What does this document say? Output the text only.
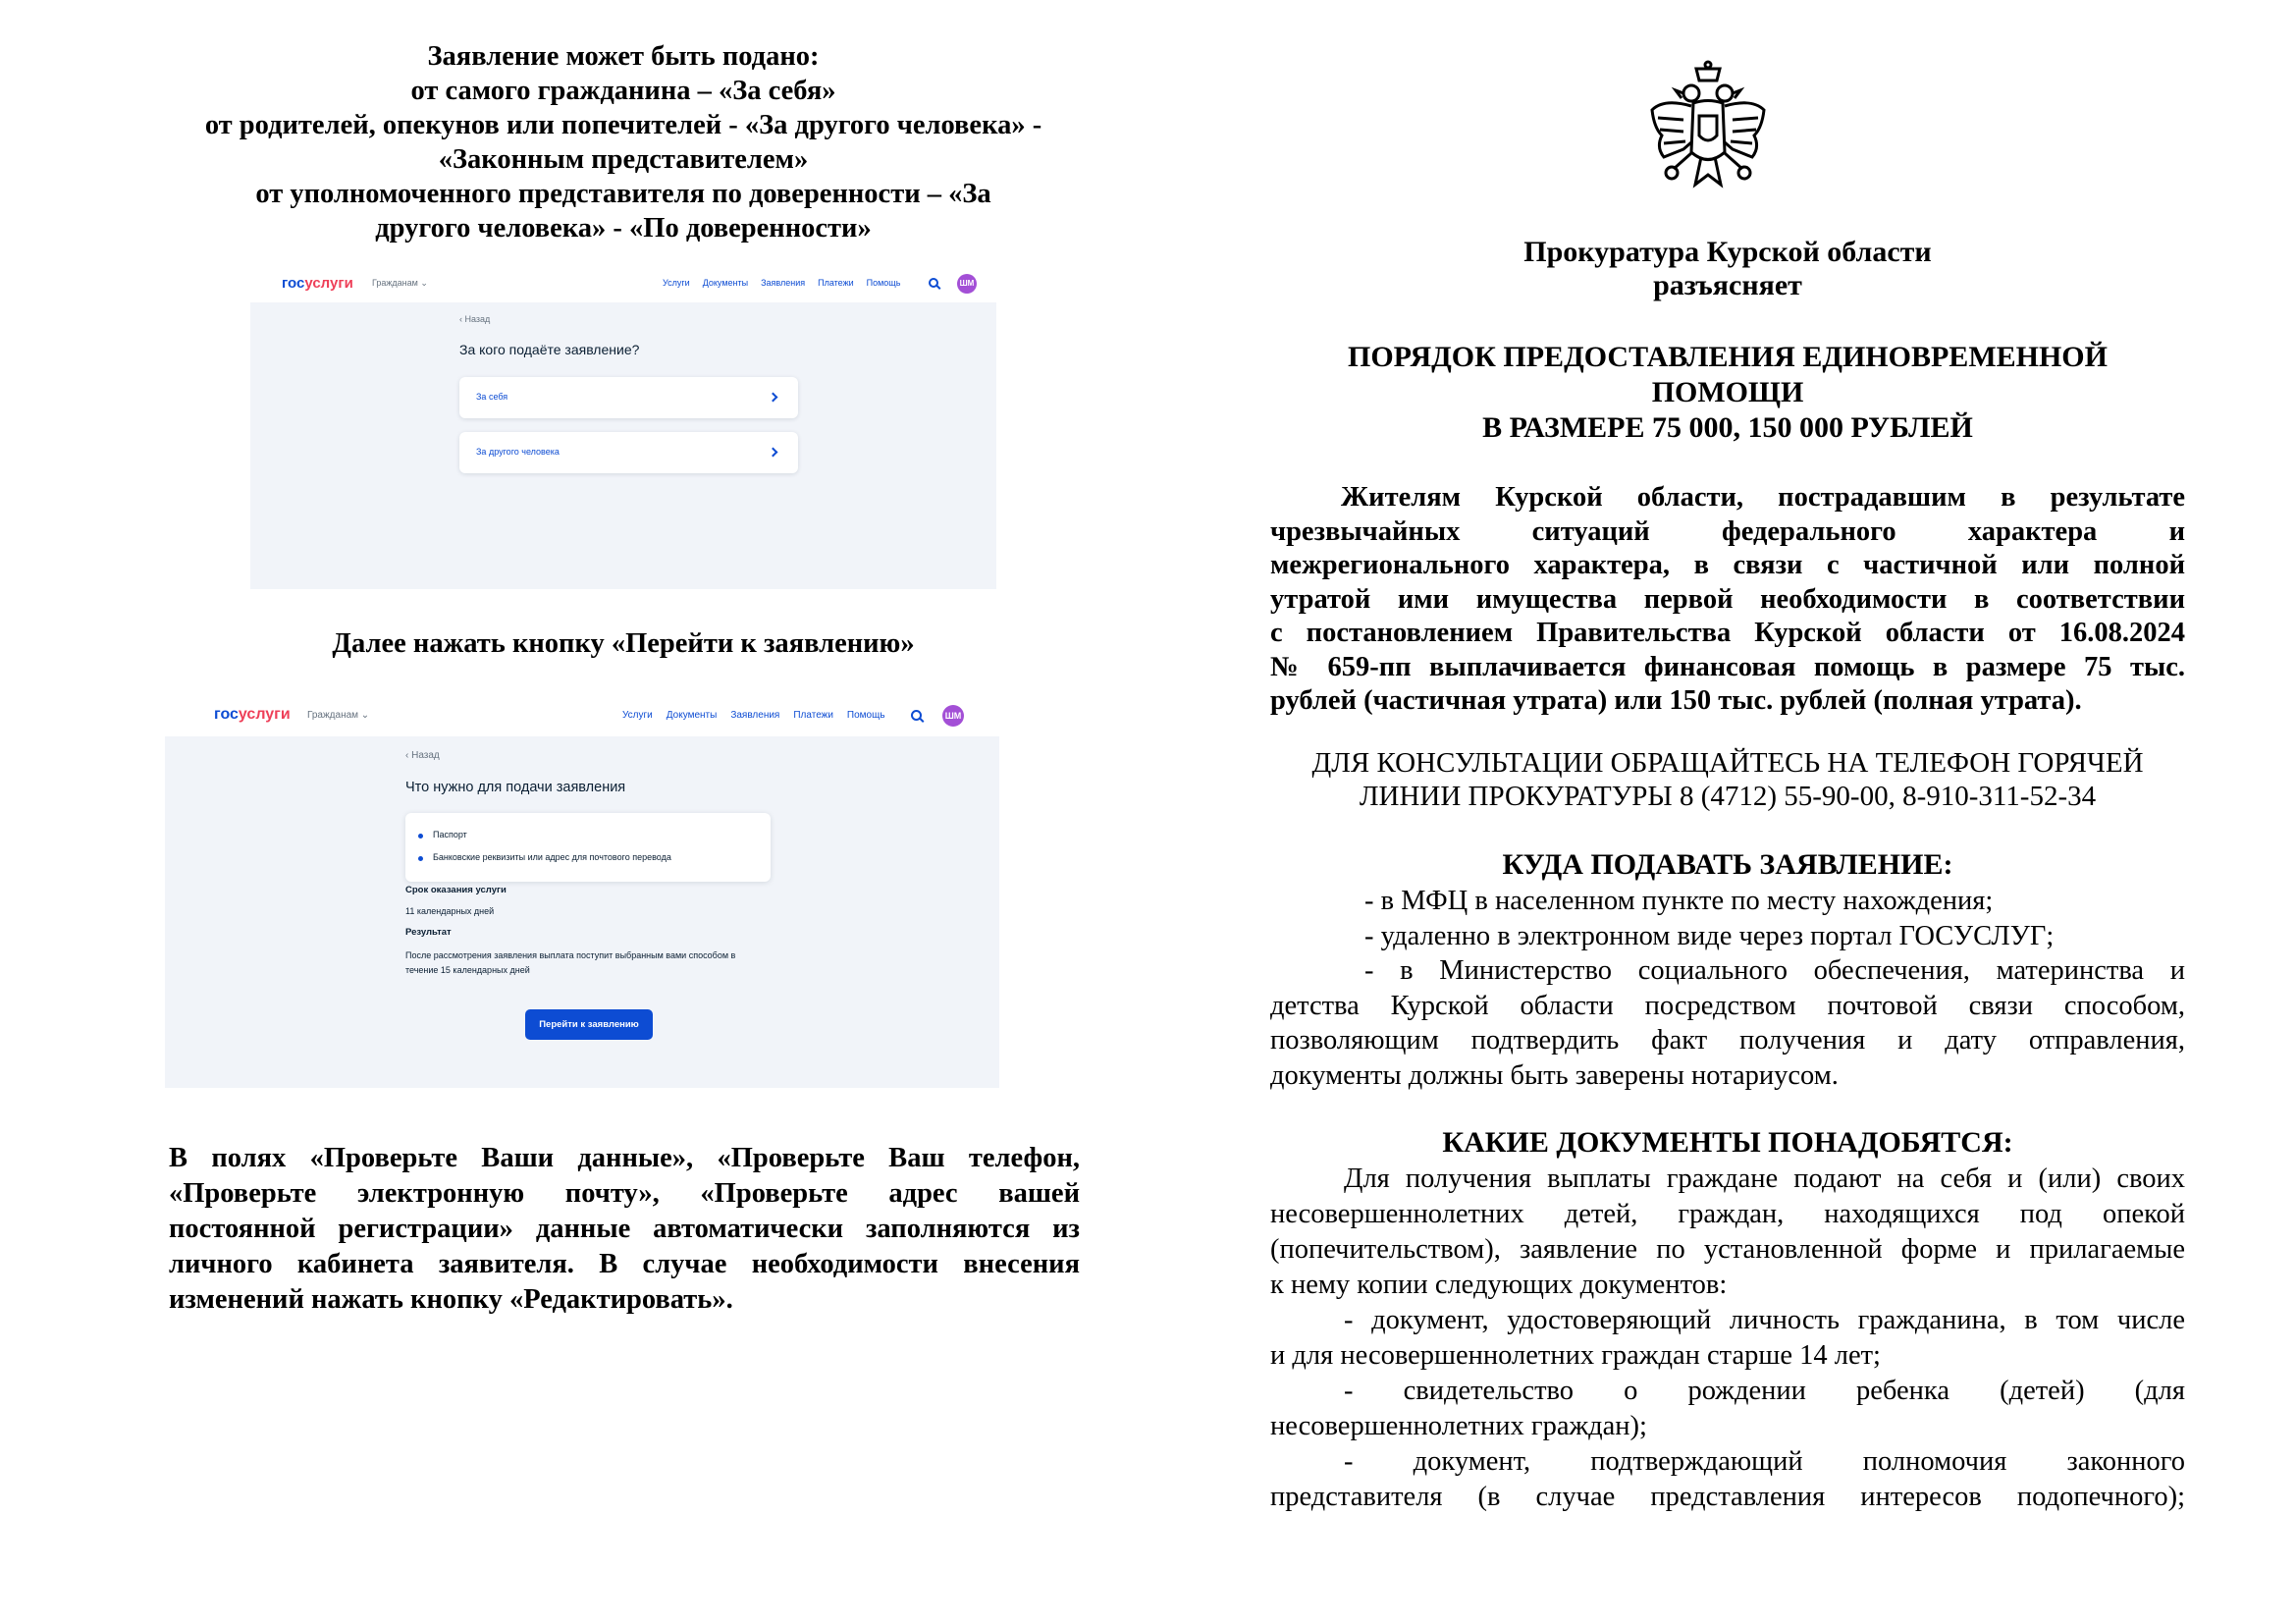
Заявление может быть подано:
от самого гражданина – «За себя»
от родителей, опекунов или попечителей - «За другого человека» -
«Законным представителем»
от уполномоченного представителя по доверенности – «За
другого человека» - «По доверенности»
госуслуги Гражданам ⌄	Услуги Документы Заявления Платежи Помощь	ШМ
‹ Назад
За кого подаёте заявление?
За себя
За другого человека
Далее нажать кнопку «Перейти к заявлению»
госуслуги Гражданам ⌄	Услуги Документы Заявления Платежи Помощь	ШМ
‹ Назад
Что нужно для подачи заявления
Паспорт
Банковские реквизиты или адрес для почтового перевода
Срок оказания услуги
11 календарных дней
Результат
После рассмотрения заявления выплата поступит выбранным вами способом в
течение 15 календарных дней
Перейти к заявлению
В полях «Проверьте Ваши данные», «Проверьте Ваш телефон,
«Проверьте электронную почту», «Проверьте адрес вашей
постоянной регистрации» данные автоматически заполняются из
личного кабинета заявителя. В случае необходимости внесения
изменений нажать кнопку «Редактировать».
Прокуратура Курской области
разъясняет
ПОРЯДОК ПРЕДОСТАВЛЕНИЯ ЕДИНОВРЕМЕННОЙ
ПОМОЩИ
В РАЗМЕРЕ 75 000, 150 000 РУБЛЕЙ
Жителям Курской области, пострадавшим в результате
чрезвычайных ситуаций федерального характера и
межрегионального характера, в связи с частичной или полной
утратой ими имущества первой необходимости в соответствии
с постановлением Правительства Курской области от 16.08.2024
№ 659-пп выплачивается финансовая помощь в размере 75 тыс.
рублей (частичная утрата) или 150 тыс. рублей (полная утрата).
ДЛЯ КОНСУЛЬТАЦИИ ОБРАЩАЙТЕСЬ НА ТЕЛЕФОН ГОРЯЧЕЙ
ЛИНИИ ПРОКУРАТУРЫ 8 (4712) 55-90-00, 8-910-311-52-34
КУДА ПОДАВАТЬ ЗАЯВЛЕНИЕ:
- в МФЦ в населенном пункте по месту нахождения;
- удаленно в электронном виде через портал ГОСУСЛУГ;
- в Министерство социального обеспечения, материнства и
детства Курской области посредством почтовой связи способом,
позволяющим подтвердить факт получения и дату отправления,
документы должны быть заверены нотариусом.
КАКИЕ ДОКУМЕНТЫ ПОНАДОБЯТСЯ:
Для получения выплаты граждане подают на себя и (или) своих
несовершеннолетних детей, граждан, находящихся под опекой
(попечительством), заявление по установленной форме и прилагаемые
к нему копии следующих документов:
- документ, удостоверяющий личность гражданина, в том числе
и для несовершеннолетних граждан старше 14 лет;
- свидетельство о рождении ребенка (детей) (для
несовершеннолетних граждан);
- документ, подтверждающий полномочия законного
представителя (в случае представления интересов подопечного);
